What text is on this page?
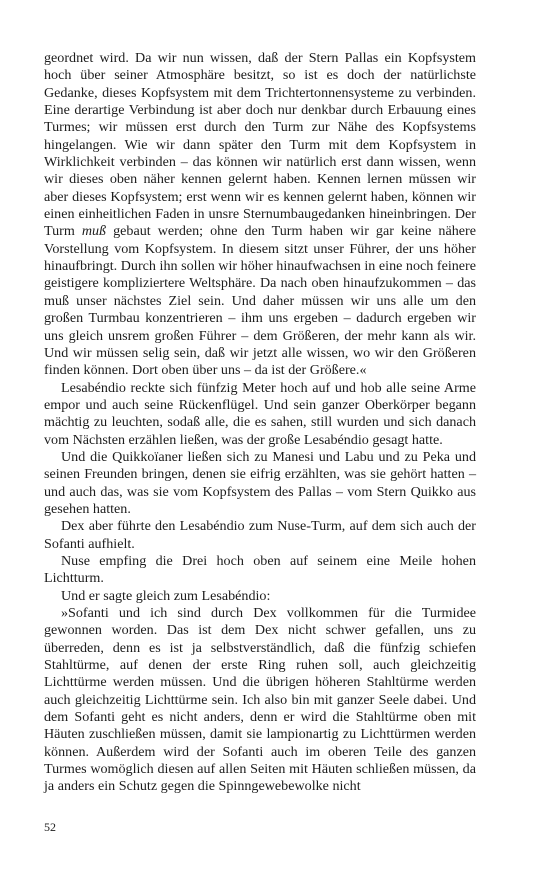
geordnet wird. Da wir nun wissen, daß der Stern Pallas ein Kopfsystem hoch über seiner Atmosphäre besitzt, so ist es doch der natürlichste Gedanke, dieses Kopfsystem mit dem Trichtertonnensysteme zu verbinden. Eine derartige Verbindung ist aber doch nur denkbar durch Erbauung eines Turmes; wir müssen erst durch den Turm zur Nähe des Kopfsystems hingelangen. Wie wir dann später den Turm mit dem Kopfsystem in Wirklichkeit verbinden – das können wir natürlich erst dann wissen, wenn wir dieses oben näher kennen gelernt haben. Kennen lernen müssen wir aber dieses Kopfsystem; erst wenn wir es kennen gelernt haben, können wir einen einheitlichen Faden in unsre Sternumbaugedanken hineinbringen. Der Turm muß gebaut werden; ohne den Turm haben wir gar keine nähere Vorstellung vom Kopfsystem. In diesem sitzt unser Führer, der uns höher hinaufbringt. Durch ihn sollen wir höher hinaufwachsen in eine noch feinere geistigere kompliziertere Weltsphäre. Da nach oben hinaufzukommen – das muß unser nächstes Ziel sein. Und daher müssen wir uns alle um den großen Turmbau konzentrieren – ihm uns ergeben – dadurch ergeben wir uns gleich unsrem großen Führer – dem Größeren, der mehr kann als wir. Und wir müssen selig sein, daß wir jetzt alle wissen, wo wir den Größeren finden können. Dort oben über uns – da ist der Größere.«

Lesabéndio reckte sich fünfzig Meter hoch auf und hob alle seine Arme empor und auch seine Rückenflügel. Und sein ganzer Oberkörper begann mächtig zu leuchten, sodaß alle, die es sahen, still wurden und sich danach vom Nächsten erzählen ließen, was der große Lesabéndio gesagt hatte.

Und die Quikkoïaner ließen sich zu Manesi und Labu und zu Peka und seinen Freunden bringen, denen sie eifrig erzählten, was sie gehört hatten – und auch das, was sie vom Kopfsystem des Pallas – vom Stern Quikko aus gesehen hatten.

Dex aber führte den Lesabéndio zum Nuse-Turm, auf dem sich auch der Sofanti aufhielt.

Nuse empfing die Drei hoch oben auf seinem eine Meile hohen Lichtturm.

Und er sagte gleich zum Lesabéndio:

»Sofanti und ich sind durch Dex vollkommen für die Turmidee gewonnen worden. Das ist dem Dex nicht schwer gefallen, uns zu überreden, denn es ist ja selbstverständlich, daß die fünfzig schiefen Stahltürme, auf denen der erste Ring ruhen soll, auch gleichzeitig Lichttürme werden müssen. Und die übrigen höheren Stahltürme werden auch gleichzeitig Lichttürme sein. Ich also bin mit ganzer Seele dabei. Und dem Sofanti geht es nicht anders, denn er wird die Stahltürme oben mit Häuten zuschließen müssen, damit sie lampionartig zu Lichttürmen werden können. Außerdem wird der Sofanti auch im oberen Teile des ganzen Turmes womöglich diesen auf allen Seiten mit Häuten schließen müssen, da ja anders ein Schutz gegen die Spinngewebewolke nicht

52
